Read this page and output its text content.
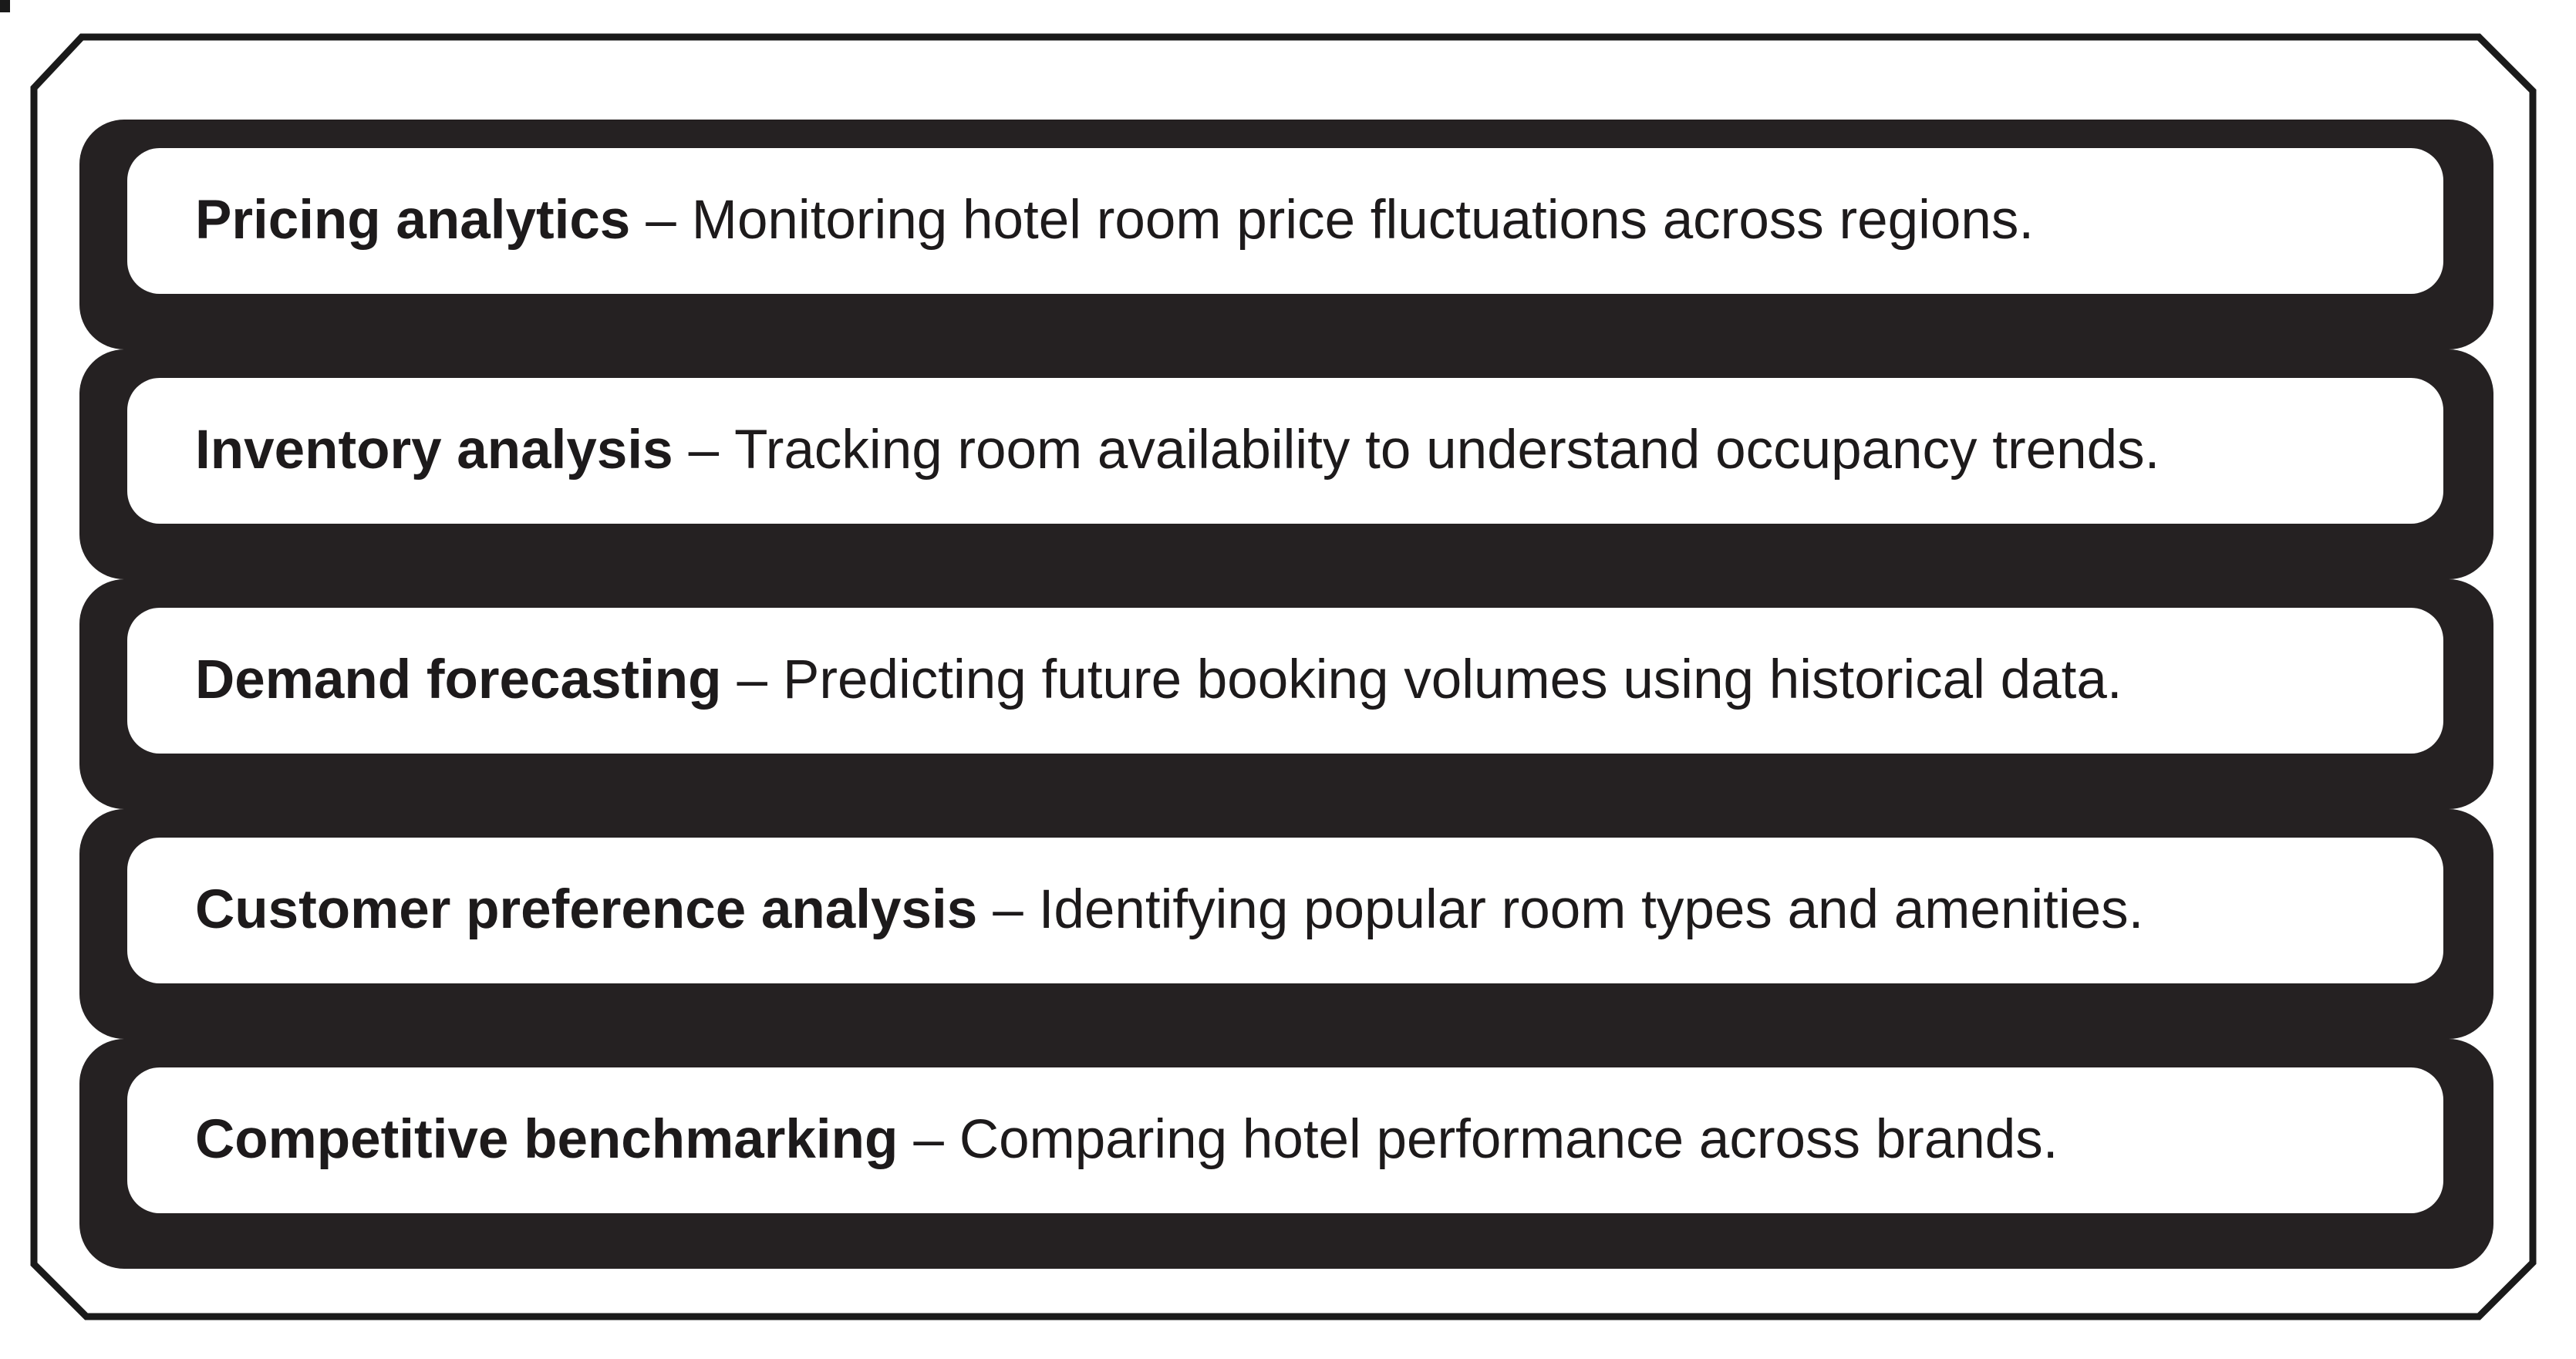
Pricing analytics – Monitoring hotel room price fluctuations across regions.
Inventory analysis – Tracking room availability to understand occupancy trends.
Demand forecasting – Predicting future booking volumes using historical data.
Customer preference analysis – Identifying popular room types and amenities.
Competitive benchmarking – Comparing hotel performance across brands.
